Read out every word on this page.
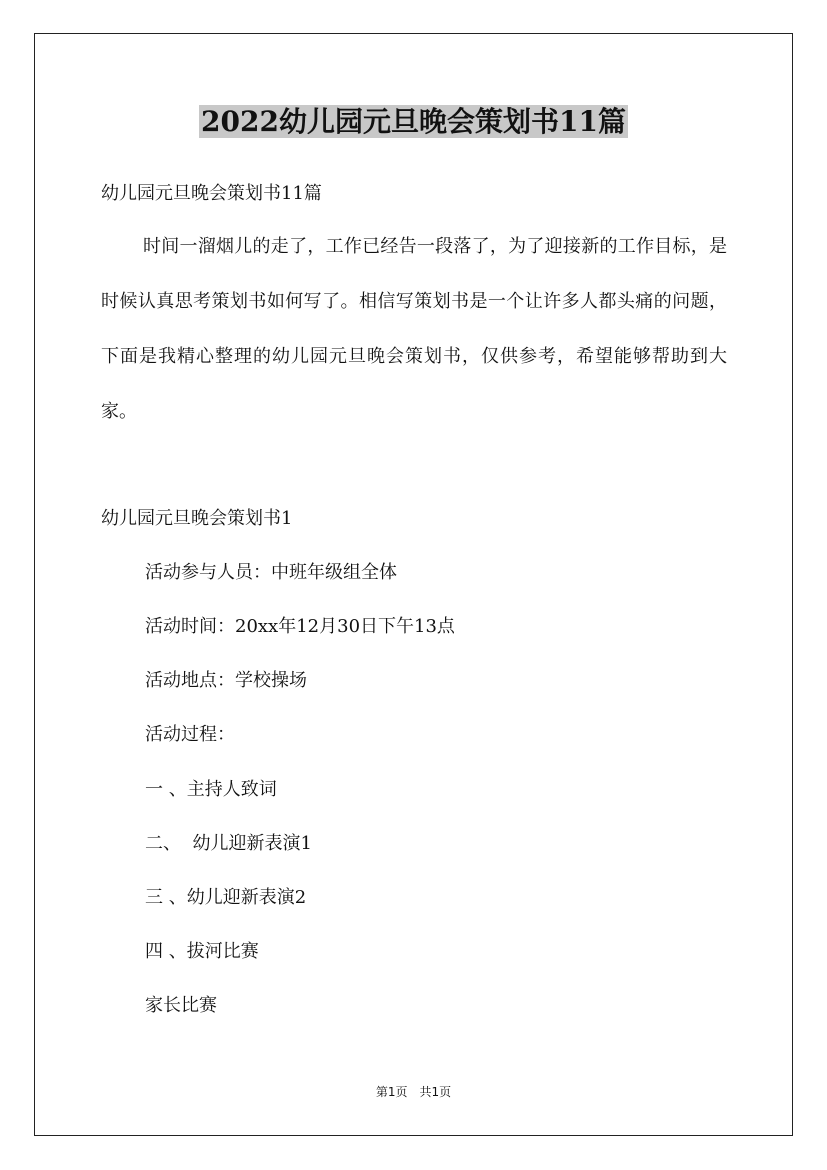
2022幼儿园元旦晚会策划书11篇

幼儿园元旦晚会策划书11篇

时间一溜烟儿的走了，工作已经告一段落了，为了迎接新的工作目标，是时候认真思考策划书如何写了。相信写策划书是一个让许多人都头痛的问题，下面是我精心整理的幼儿园元旦晚会策划书，仅供参考，希望能够帮助到大家。

幼儿园元旦晚会策划书1

活动参与人员：中班年级组全体

活动时间：20xx年12月30日下午13点

活动地点：学校操场

活动过程：

一 、主持人致词

二、  幼儿迎新表演1

三 、幼儿迎新表演2

四 、拔河比赛

家长比赛

第1页 共1页
